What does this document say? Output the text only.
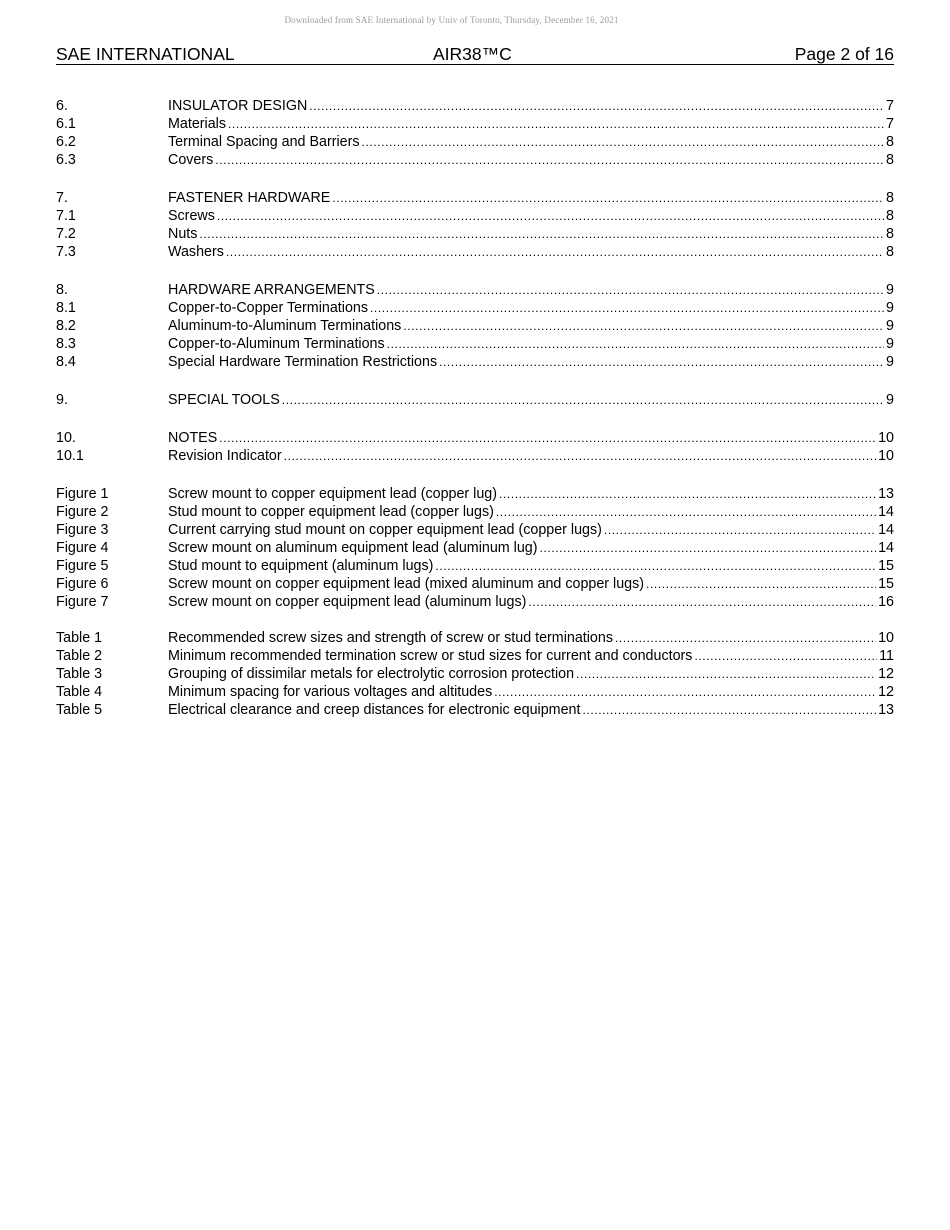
Downloaded from SAE International by Univ of Toronto, Thursday, December 16, 2021
SAE INTERNATIONAL	AIR38™C	Page 2 of 16
6.	INSULATOR DESIGN .....	7
6.1	Materials .....	7
6.2	Terminal Spacing and Barriers .....	8
6.3	Covers .....	8
7.	FASTENER HARDWARE .....	8
7.1	Screws .....	8
7.2	Nuts .....	8
7.3	Washers .....	8
8.	HARDWARE ARRANGEMENTS .....	9
8.1	Copper-to-Copper Terminations .....	9
8.2	Aluminum-to-Aluminum Terminations .....	9
8.3	Copper-to-Aluminum Terminations .....	9
8.4	Special Hardware Termination Restrictions .....	9
9.	SPECIAL TOOLS .....	9
10.	NOTES .....	10
10.1	Revision Indicator .....	10
Figure 1	Screw mount to copper equipment lead (copper lug) .....	13
Figure 2	Stud mount to copper equipment lead (copper lugs) .....	14
Figure 3	Current carrying stud mount on copper equipment lead (copper lugs) .....	14
Figure 4	Screw mount on aluminum equipment lead (aluminum lug) .....	14
Figure 5	Stud mount to equipment (aluminum lugs) .....	15
Figure 6	Screw mount on copper equipment lead (mixed aluminum and copper lugs) .....	15
Figure 7	Screw mount on copper equipment lead (aluminum lugs) .....	16
Table 1	Recommended screw sizes and strength of screw or stud terminations .....	10
Table 2	Minimum recommended termination screw or stud sizes for current and conductors .....	11
Table 3	Grouping of dissimilar metals for electrolytic corrosion protection .....	12
Table 4	Minimum spacing for various voltages and altitudes .....	12
Table 5	Electrical clearance and creep distances for electronic equipment .....	13
